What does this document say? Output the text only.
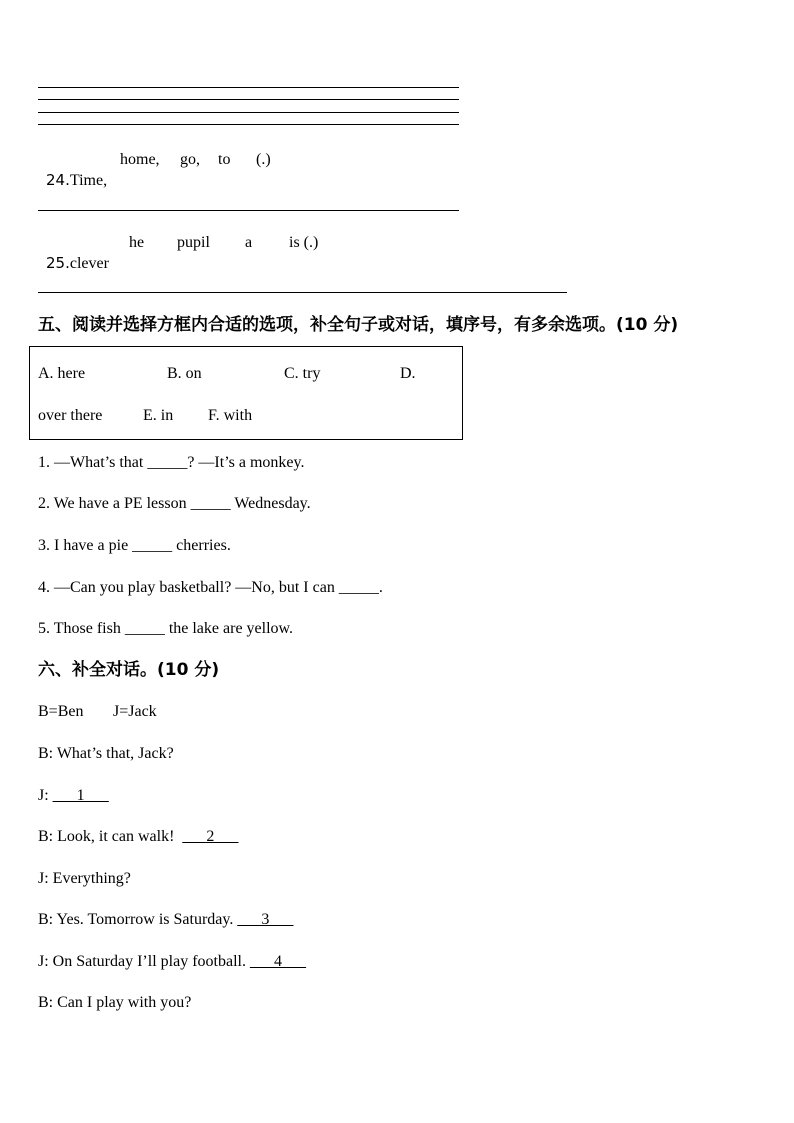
24.Time,

home, go, to (.)

25.clever

he pupil a is (.)
五、阅读并选择方框内合适的选项，补全句子或对话，填序号，有多余选项。(10 分)
A. here	B. on	C. try	D.
over there	E. in F. with
1. —What’s that _____? —It’s a monkey.
2. We have a PE lesson _____ Wednesday.
3. I have a pie _____ cherries.
4. —Can you play basketball? —No, but I can _____.
5. Those fish _____ the lake are yellow.
六、补全对话。(10 分)
B=Ben J=Jack
B: What’s that, Jack?
J: ___1___
B: Look, it can walk!  ___2___
J: Everything?
B: Yes. Tomorrow is Saturday. ___3___
J: On Saturday I’ll play football. ___4___
B: Can I play with you?
